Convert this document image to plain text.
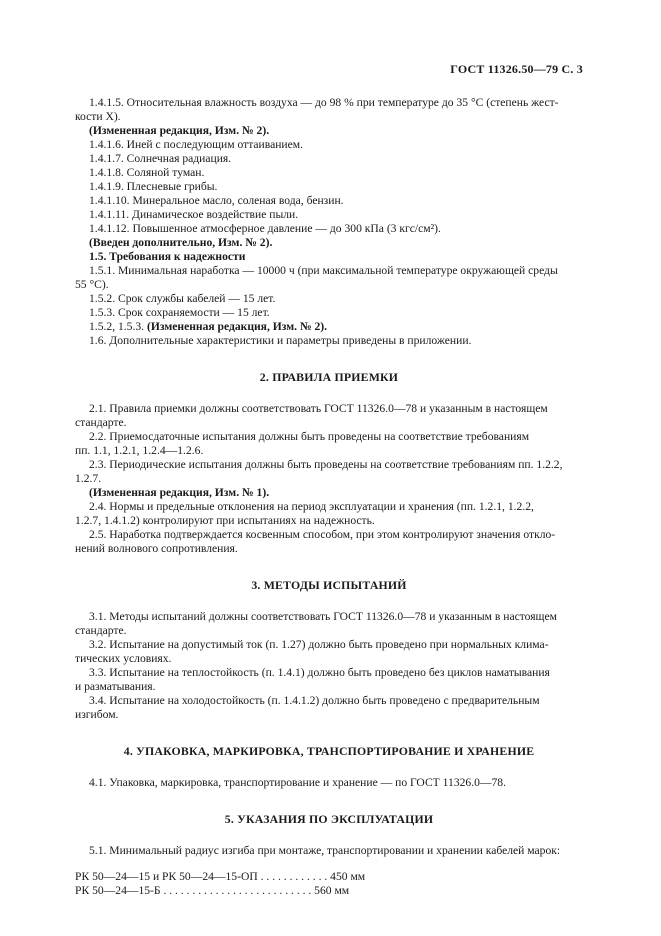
ГОСТ 11326.50—79 С. 3

1.4.1.5. Относительная влажность воздуха — до 98 % при температуре до 35 °С (степень жест-

кости X).

(Измененная редакция, Изм. № 2).

1.4.1.6. Иней с последующим оттаиванием.

1.4.1.7. Солнечная радиация.

1.4.1.8. Соляной туман.

1.4.1.9. Плесневые грибы.

1.4.1.10. Минеральное масло, соленая вода, бензин.

1.4.1.11. Динамическое воздействие пыли.

1.4.1.12. Повышенное атмосферное давление — до 300 кПа (3 кгс/см²).

(Введен дополнительно, Изм. № 2).

1.5. Требования к надежности

1.5.1. Минимальная наработка — 10000 ч (при максимальной температуре окружающей среды

55 °С).

1.5.2. Срок службы кабелей — 15 лет.

1.5.3. Срок сохраняемости — 15 лет.

1.5.2, 1.5.3. (Измененная редакция, Изм. № 2).

1.6. Дополнительные характеристики и параметры приведены в приложении.

2. ПРАВИЛА ПРИЕМКИ

2.1. Правила приемки должны соответствовать ГОСТ 11326.0—78 и указанным в настоящем

стандарте.

2.2. Приемосдаточные испытания должны быть проведены на соответствие требованиям

пп. 1.1, 1.2.1, 1.2.4—1.2.6.

2.3. Периодические испытания должны быть проведены на соответствие требованиям пп. 1.2.2,

1.2.7.

(Измененная редакция, Изм. № 1).

2.4. Нормы и предельные отклонения на период эксплуатации и хранения (пп. 1.2.1, 1.2.2,

1.2.7, 1.4.1.2) контролируют при испытаниях на надежность.

2.5. Наработка подтверждается косвенным способом, при этом контролируют значения откло-

нений волнового сопротивления.

3. МЕТОДЫ ИСПЫТАНИЙ

3.1. Методы испытаний должны соответствовать ГОСТ 11326.0—78 и указанным в настоящем

стандарте.

3.2. Испытание на допустимый ток (п. 1.27) должно быть проведено при нормальных клима-

тических условиях.

3.3. Испытание на теплостойкость (п. 1.4.1) должно быть проведено без циклов наматывания

и разматывания.

3.4. Испытание на холодостойкость (п. 1.4.1.2) должно быть проведено с предварительным

изгибом.

4. УПАКОВКА, МАРКИРОВКА, ТРАНСПОРТИРОВАНИЕ И ХРАНЕНИЕ

4.1. Упаковка, маркировка, транспортирование и хранение — по ГОСТ 11326.0—78.

5. УКАЗАНИЯ ПО ЭКСПЛУАТАЦИИ

5.1. Минимальный радиус изгиба при монтаже, транспортировании и хранении кабелей марок:

РК 50—24—15 и РК 50—24—15-ОП . . . . . . . . . . . . 450 мм
РК 50—24—15-Б . . . . . . . . . . . . . . . . . . . . . . . . . . 560 мм
